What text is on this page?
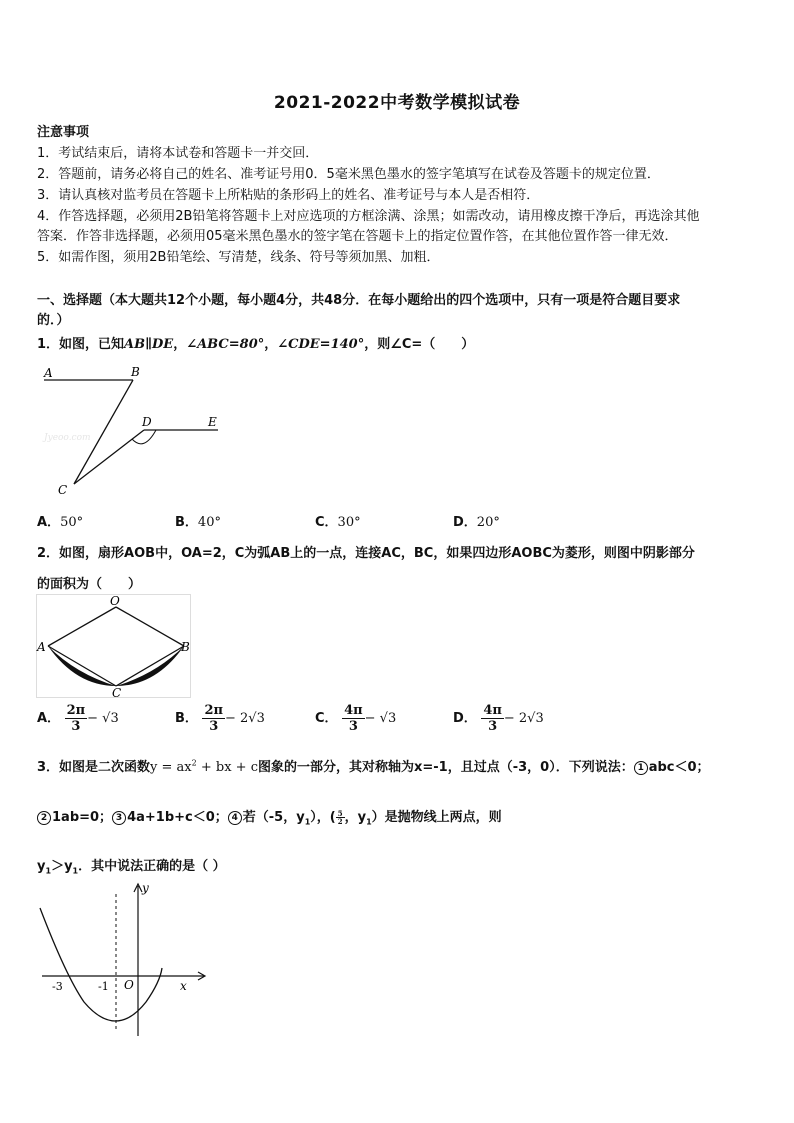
2021-2022中考数学模拟试卷
注意事项
1．考试结束后，请将本试卷和答题卡一并交回．
2．答题前，请务必将自己的姓名、准考证号用0．5毫米黑色墨水的签字笔填写在试卷及答题卡的规定位置．
3．请认真核对监考员在答题卡上所粘贴的条形码上的姓名、准考证号与本人是否相符．
4．作答选择题，必须用2B铅笔将答题卡上对应选项的方框涂满、涂黑；如需改动，请用橡皮擦干净后，再选涂其他
答案．作答非选择题，必须用05毫米黑色墨水的签字笔在答题卡上的指定位置作答，在其他位置作答一律无效．
5．如需作图，须用2B铅笔绘、写清楚，线条、符号等须加黑、加粗．
一、选择题（本大题共12个小题，每小题4分，共48分．在每小题给出的四个选项中，只有一项是符合题目要求
的．）
1．如图，已知AB∥DE，∠ABC=80°，∠CDE=140°，则∠C=（　　）
A	B
C
D	E
Jyeoo.com
A．50°	B．40°	C．30°	D．20°
2．如图，扇形AOB中，OA=2，C为弧AB上的一点，连接AC，BC，如果四边形AOBC为菱形，则图中阴影部分
的面积为（　　）
O
A	B
C
A． $\frac{2\pi}{3} - √3$	B． $\frac{2\pi}{3} - 2√3$	C． $\frac{4\pi}{3} - √3$	D． $\frac{4\pi}{3} - 2√3$
3．如图是二次函数$y = ax^2$ + bx + c图象的一部分，其对称轴为x=-1，且过点（-3，0）．下列说法： 1 abc＜0；
2 1ab=0； 3 4a+1b+c＜0； 4 若（-5，$y_1$），( $\frac{5}{2}$ ，$y_1$）是抛物线上两点，则
$y_1>y_1$．其中说法正确的是（ ）
x
y
O
-3	-1
